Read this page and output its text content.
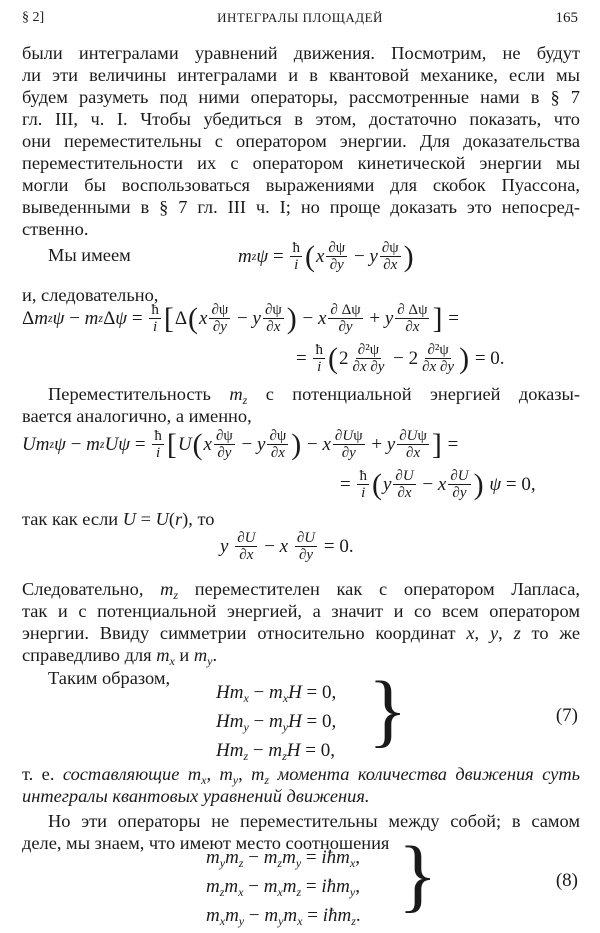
§ 2]	ИНТЕГРАЛЫ ПЛОЩАДЕЙ	165
были интегралами уравнений движения. Посмотрим, не будут
ли эти величины интегралами и в квантовой механике, если мы
будем разуметь под ними операторы, рассмотренные нами в § 7
гл. III, ч. I. Чтобы убедиться в этом, достаточно показать, что
они переместительны с оператором энергии. Для доказательства
переместительности их с оператором кинетической энергии мы
могли бы воспользоваться выражениями для скобок Пуассона,
выведенными в § 7 гл. III ч. I; но проще доказать это непосред-
ственно.
Мы имеем	m z $\psi = \frac{ħ}{i}$ ( x $\frac{\partial\psi}{\partial y} - y \frac{\partial\psi}{\partial x}$ )
и, следовательно,
Δ m z ψ − m z Δ $\psi = \frac{ħ}{i}$ [ Δ ( x $\frac{\partial\psi}{\partial y} - y \frac{\partial\psi}{\partial x}$ ) − x $\frac{\partial \Delta\psi}{\partial y} + y \frac{\partial \Delta\psi}{\partial x}$ ] =
= $\frac{ħ}{i}$ ( $2 \frac{\text{∂²ψ}}{\partial x \partial y} - 2 \frac{\text{∂²ψ}}{\partial x \partial y}$ )
= 0.
Переместительность $m_z$ с потенциальной энергией доказы-
вается аналогично, а именно,
Um z ψ − m z $U\psi = \frac{ħ}{i}$ [ U ( x $\frac{\partial\psi}{\partial y} - y \frac{\partial\psi}{\partial x}$ ) − x $\frac{\partial U\psi}{\partial y} + y \frac{\partial U\psi}{\partial x}$ ] =
= $\frac{ħ}{i}$ ( y $\frac{\partial U}{\partial x} - x \frac{\partial U}{\partial y}$ )
ψ = 0,
так как если U = U(r), то
y
$\frac{\partial U}{\partial x} - x$
$\frac{\partial U}{\partial y} = 0$.
Следовательно, $m_z$ переместителен как с оператором Лапласа,
так и с потенциальной энергией, а значит и со всем оператором
энергии. Ввиду симметрии относительно координат x, y, z то же
справедливо для $m_x$ и $m_y$.
Таким образом,
$Hm_x - m_xH = 0$,
$Hm_y - m_yH = 0$,
$Hm_z - m_zH = 0$, }	(7)
т. е. составляющие $m_x$, $m_y$, $m_z$ момента количества движения суть
интегралы квантовых уравнений движения.
Но эти операторы не переместительны между собой; в самом
деле, мы знаем, что имеют место соотношения
$m_ym_z - m_zm_y$ = iħm$_x$,
$m_zm_x - m_xm_z$ = iħm$_y$,
$m_xm_y - m_ym_x$ = iħm$_z$. }	(8)
